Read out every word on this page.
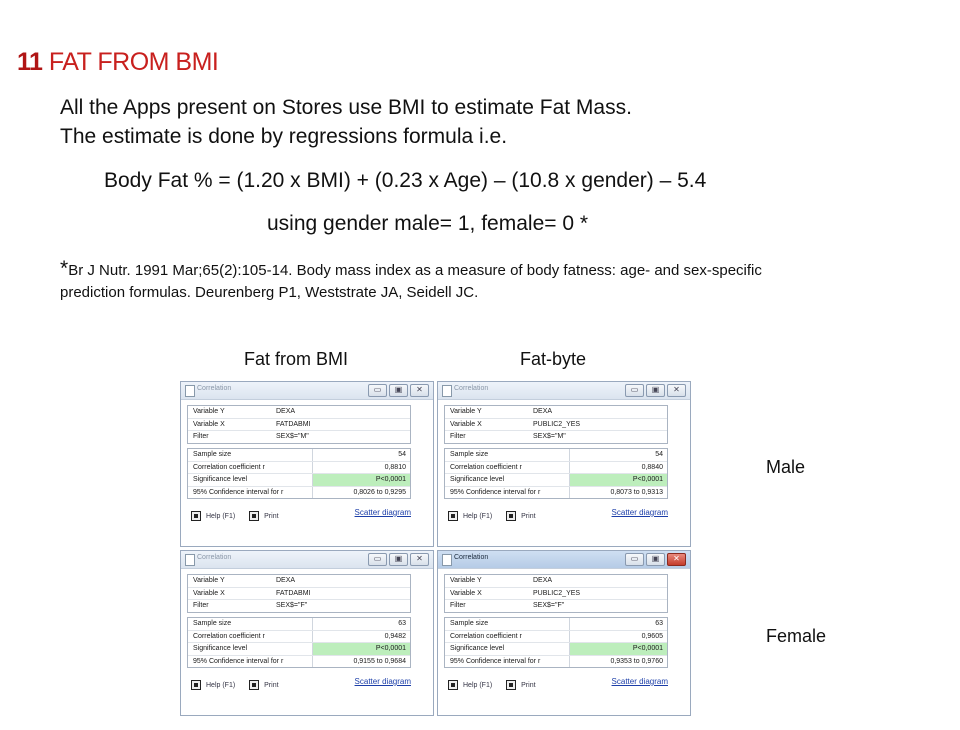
11 FAT FROM BMI
All the Apps present on Stores use BMI to estimate Fat Mass.
The estimate is done by regressions formula i.e.
Body Fat % = (1.20 x BMI) + (0.23 x Age) – (10.8 x gender) – 5.4
using gender male= 1, female= 0 *
*Br J Nutr. 1991 Mar;65(2):105-14. Body mass index as a measure of body fatness: age- and sex-specific
prediction formulas. Deurenberg P1, Weststrate JA, Seidell JC.
Fat from BMI	Fat-byte
Male
Female
Correlation	▭	▣	✕
Variable Y	DEXA
Variable X	FATDABMI
Filter	SEX$="M"
Sample size	54
Correlation coefficient r	0,8810
Significance level	P<0,0001
95% Confidence interval for r	0,8026 to 0,9295
Help (F1)	Print	Scatter diagram
Correlation	▭	▣	✕
Variable Y	DEXA
Variable X	PUBLIC2_YES
Filter	SEX$="M"
Sample size	54
Correlation coefficient r	0,8840
Significance level	P<0,0001
95% Confidence interval for r	0,8073 to 0,9313
Help (F1)	Print	Scatter diagram
Correlation	▭	▣	✕
Variable Y	DEXA
Variable X	FATDABMI
Filter	SEX$="F"
Sample size	63
Correlation coefficient r	0,9482
Significance level	P<0,0001
95% Confidence interval for r	0,9155 to 0,9684
Help (F1)	Print	Scatter diagram
Correlation	▭	▣	✕
Variable Y	DEXA
Variable X	PUBLIC2_YES
Filter	SEX$="F"
Sample size	63
Correlation coefficient r	0,9605
Significance level	P<0,0001
95% Confidence interval for r	0,9353 to 0,9760
Help (F1)	Print	Scatter diagram
